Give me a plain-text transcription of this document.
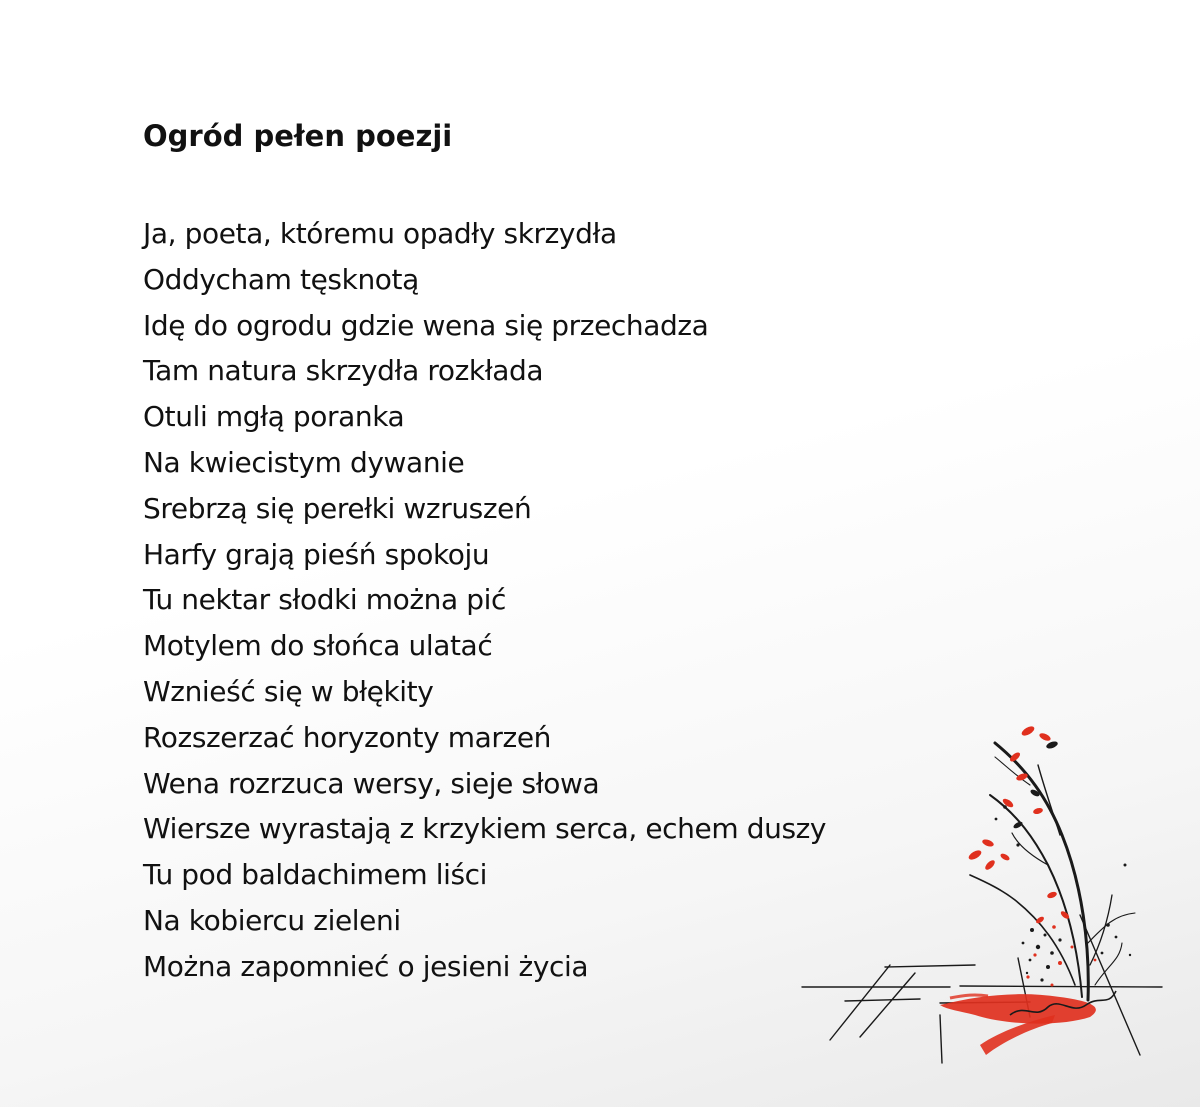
Ogród pełen poezji
Ja, poeta, któremu opadły skrzydła
Oddycham tęsknotą
Idę do ogrodu gdzie wena się przechadza
Tam natura skrzydła rozkłada
Otuli mgłą poranka
Na kwiecistym dywanie
Srebrzą się perełki wzruszeń
Harfy grają pieśń spokoju
Tu nektar słodki można pić
Motylem do słońca ulatać
Wznieść się w błękity
Rozszerzać horyzonty marzeń
Wena rozrzuca wersy, sieje słowa
Wiersze wyrastają z krzykiem serca, echem duszy
Tu pod baldachimem liści
Na kobiercu zieleni
Można zapomnieć o jesieni życia
